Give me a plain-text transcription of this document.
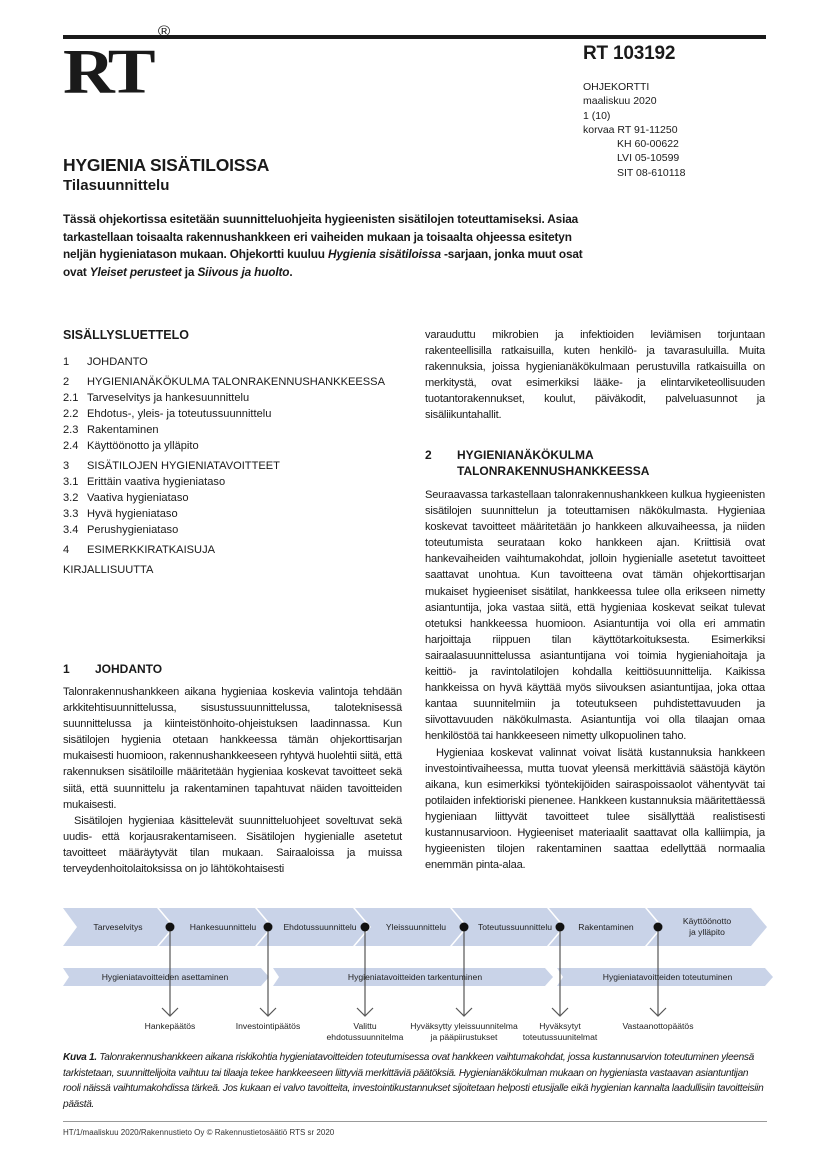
RT®
RT 103192
OHJEKORTTI
maaliskuu 2020
1 (10)
korvaa RT 91-11250
KH 60-00622
LVI 05-10599
SIT 08-610118
HYGIENIA SISÄTILOISSA
Tilasuunnittelu
Tässä ohjekortissa esitetään suunnitteluohjeita hygieenisten sisätilojen toteuttamiseksi. Asiaa tarkastellaan toisaalta rakennushankkeen eri vaiheiden mukaan ja toisaalta ohjeessa esitetyn neljän hygieniatason mukaan. Ohjekortti kuuluu Hygienia sisätiloissa -sarjaan, jonka muut osat ovat Yleiset perusteet ja Siivous ja huolto.
SISÄLLYSLUETTELO
1 JOHDANTO
2 HYGIENIANÄKÖKULMA TALONRAKENNUSHANKKEESSA
2.1 Tarveselvitys ja hankesuunnittelu
2.2 Ehdotus-, yleis- ja toteutussuunnittelu
2.3 Rakentaminen
2.4 Käyttöönotto ja ylläpito
3 SISÄTILOJEN HYGIENIATAVOITTEET
3.1 Erittäin vaativa hygieniataso
3.2 Vaativa hygieniataso
3.3 Hyvä hygieniataso
3.4 Perushygieniataso
4 ESIMERKKIRATKAISUJA
KIRJALLISUUTTA
1 JOHDANTO

Talonrakennushankkeen aikana hygieniaa koskevia valintoja tehdään arkkitehtisuunnittelussa, sisustussuunnittelussa, taloteknisessä suunnittelussa ja kiinteistönhoito-ohjeistuksen laadinnassa. Kun sisätilojen hygienia otetaan hankkeessa tämän ohjekorttisarjan mukaisesti huomioon, rakennushankkeeseen ryhtyvä huolehtii siitä, että rakennuksen sisätiloille määritetään hygieniaa koskevat tavoitteet sekä siitä, että suunnittelu ja rakentaminen tapahtuvat näiden tavoitteiden mukaisesti.

Sisätilojen hygieniaa käsittelevät suunnitteluohjeet soveltuvat sekä uudis- että korjausrakentamiseen. Sisätilojen hygienialle asetetut tavoitteet määräytyvät tilan mukaan. Sairaaloissa ja muissa terveydenhoitolaitoksissa on jo lähtökohtaisesti

varauduttu mikrobien ja infektioiden leviämisen torjuntaan rakenteellisilla ratkaisuilla, kuten henkilö- ja tavarasuluilla. Muita rakennuksia, joissa hygienianäkökulmaan perustuvilla ratkaisuilla on merkitystä, ovat esimerkiksi lääke- ja elintarviketeollisuuden tuotantorakennukset, koulut, päiväkodit, palveluasunnot ja sisäliikuntahallit.

2 HYGIENIANÄKÖKULMA
TALONRAKENNUSHANKKEESSA

Seuraavassa tarkastellaan talonrakennushankkeen kulkua hygieenisten sisätilojen suunnittelun ja toteuttamisen näkökulmasta. Hygieniaa koskevat tavoitteet määritetään jo hankkeen alkuvaiheessa, ja niiden toteutumista seurataan koko hankkeen ajan. Kriittisiä ovat hankevaiheiden vaihtumakohdat, jolloin hygienialle asetetut tavoitteet saattavat unohtua. Kun tavoitteena ovat tämän ohjekorttisarjan mukaiset hygieeniset sisätilat, hankkeessa tulee olla erikseen nimetty asiantuntija, joka vastaa siitä, että hygieniaa koskevat seikat tulevat otetuksi hankkeessa huomioon. Asiantuntija voi olla eri ammatin harjoittaja riippuen tilan käyttötarkoituksesta. Esimerkiksi sairaalasuunnittelussa asiantuntijana voi toimia hygieniahoitaja ja keittiö- ja ravintolatilojen kohdalla keittiösuunnittelija. Kaikissa hankkeissa on hyvä käyttää myös siivouksen asiantuntijaa, joka ottaa kantaa suunnitelmiin ja toteutukseen puhdistettavuuden ja siivottavuuden näkökulmasta. Asiantuntija voi olla tilaajan omaa henkilöstöä tai hankkeeseen nimetty ulkopuolinen taho.

Hygieniaa koskevat valinnat voivat lisätä kustannuksia hankkeen investointivaiheessa, mutta tuovat yleensä merkittäviä säästöjä käytön aikana, kun esimerkiksi työntekijöiden sairaspoissaolot vähentyvät tai potilaiden infektioriski pienenee. Hankkeen kustannuksia määritettäessä hygieniaan liittyvät tavoitteet tulee sisällyttää realistisesti kustannusarvioon. Hygieeniset materiaalit saattavat olla kalliimpia, ja hygieenisten tilojen rakentaminen saattaa edellyttää normaalia enemmän pinta-alaa.

Tarveselvitys	Hankesuunnittelu	Ehdotussuunnittelu	Yleissuunnittelu	Toteutussuunnittelu	Rakentaminen
Käyttöönotto
ja ylläpito
Hygieniatavoitteiden asettaminen	Hygieniatavoitteiden tarkentuminen	Hygieniatavoitteiden toteutuminen
Hankepäätös	Investointipäätös	Valittu
ehdotussuunnitelma
Hyväksytty yleissuunnitelma
ja pääpiirustukset
Hyväksytyt
toteutussuunitelmat
Vastaanottopäätös
Kuva 1. Talonrakennushankkeen aikana riskikohtia hygieniatavoitteiden toteutumisessa ovat hankkeen vaihtumakohdat, jossa kustannusarvion toteutuminen yleensä tarkistetaan, suunnittelijoita vaihtuu tai tilaaja tekee hankkeeseen liittyviä merkittäviä päätöksiä. Hygienianäkökulman mukaan on hygieniasta vastaavan asiantuntijan rooli näissä vaihtumakohdissa tärkeä. Jos kukaan ei valvo tavoitteita, investointikustannukset sijoitetaan helposti etusijalle eikä hygienian kannalta laadullisiin tavoitteisiin päästä.
HT/1/maaliskuu 2020/Rakennustieto Oy © Rakennustietosäätiö RTS sr 2020
